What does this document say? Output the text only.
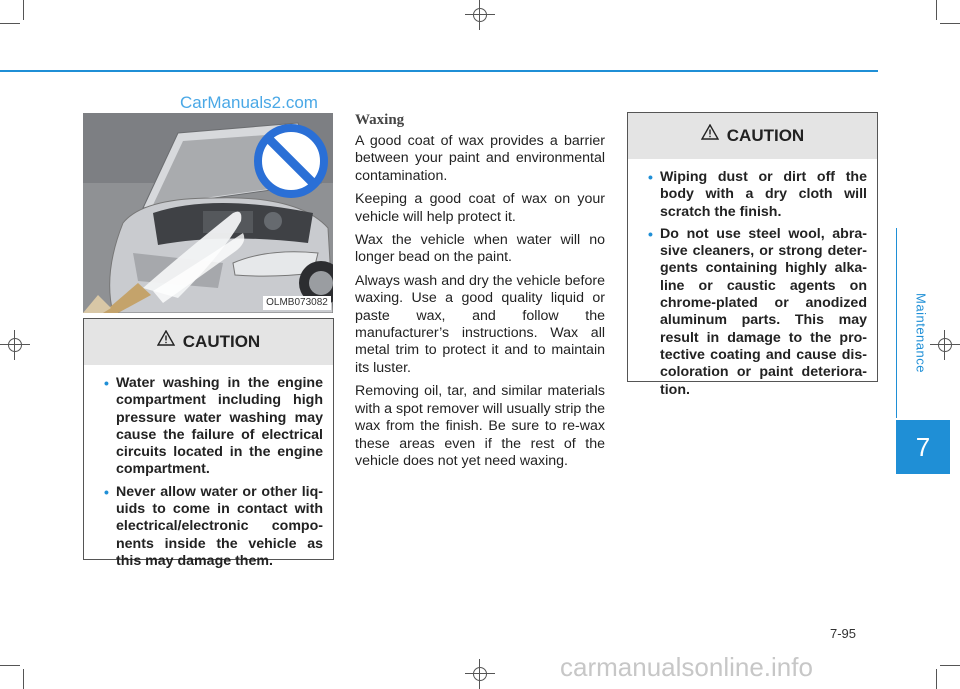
CarManuals2.com
OLMB073082
CAUTION
• Water washing in the engine compartment including high pressure water washing may cause the failure of electrical circuits located in the engine compartment.
• Never allow water or other liquids to come in contact with electrical/electronic components inside the vehicle as this may damage them.
Waxing

A good coat of wax provides a barrier between your paint and environmental contamination.

Keeping a good coat of wax on your vehicle will help protect it.

Wax the vehicle when water will no longer bead on the paint.

Always wash and dry the vehicle before waxing. Use a good quality liquid or paste wax, and follow the manufacturer’s instructions. Wax all metal trim to protect it and to maintain its luster.

Removing oil, tar, and similar materials with a spot remover will usually strip the wax from the finish. Be sure to re-wax these areas even if the rest of the vehicle does not yet need waxing.

CAUTION
• Wiping dust or dirt off the body with a dry cloth will scratch the finish.
• Do not use steel wool, abrasive cleaners, or strong detergents containing highly alkaline or caustic agents on chrome-plated or anodized aluminum parts. This may result in damage to the protective coating and cause discoloration or paint deterioration.
Maintenance
7
7-95
carmanualsonline.info
